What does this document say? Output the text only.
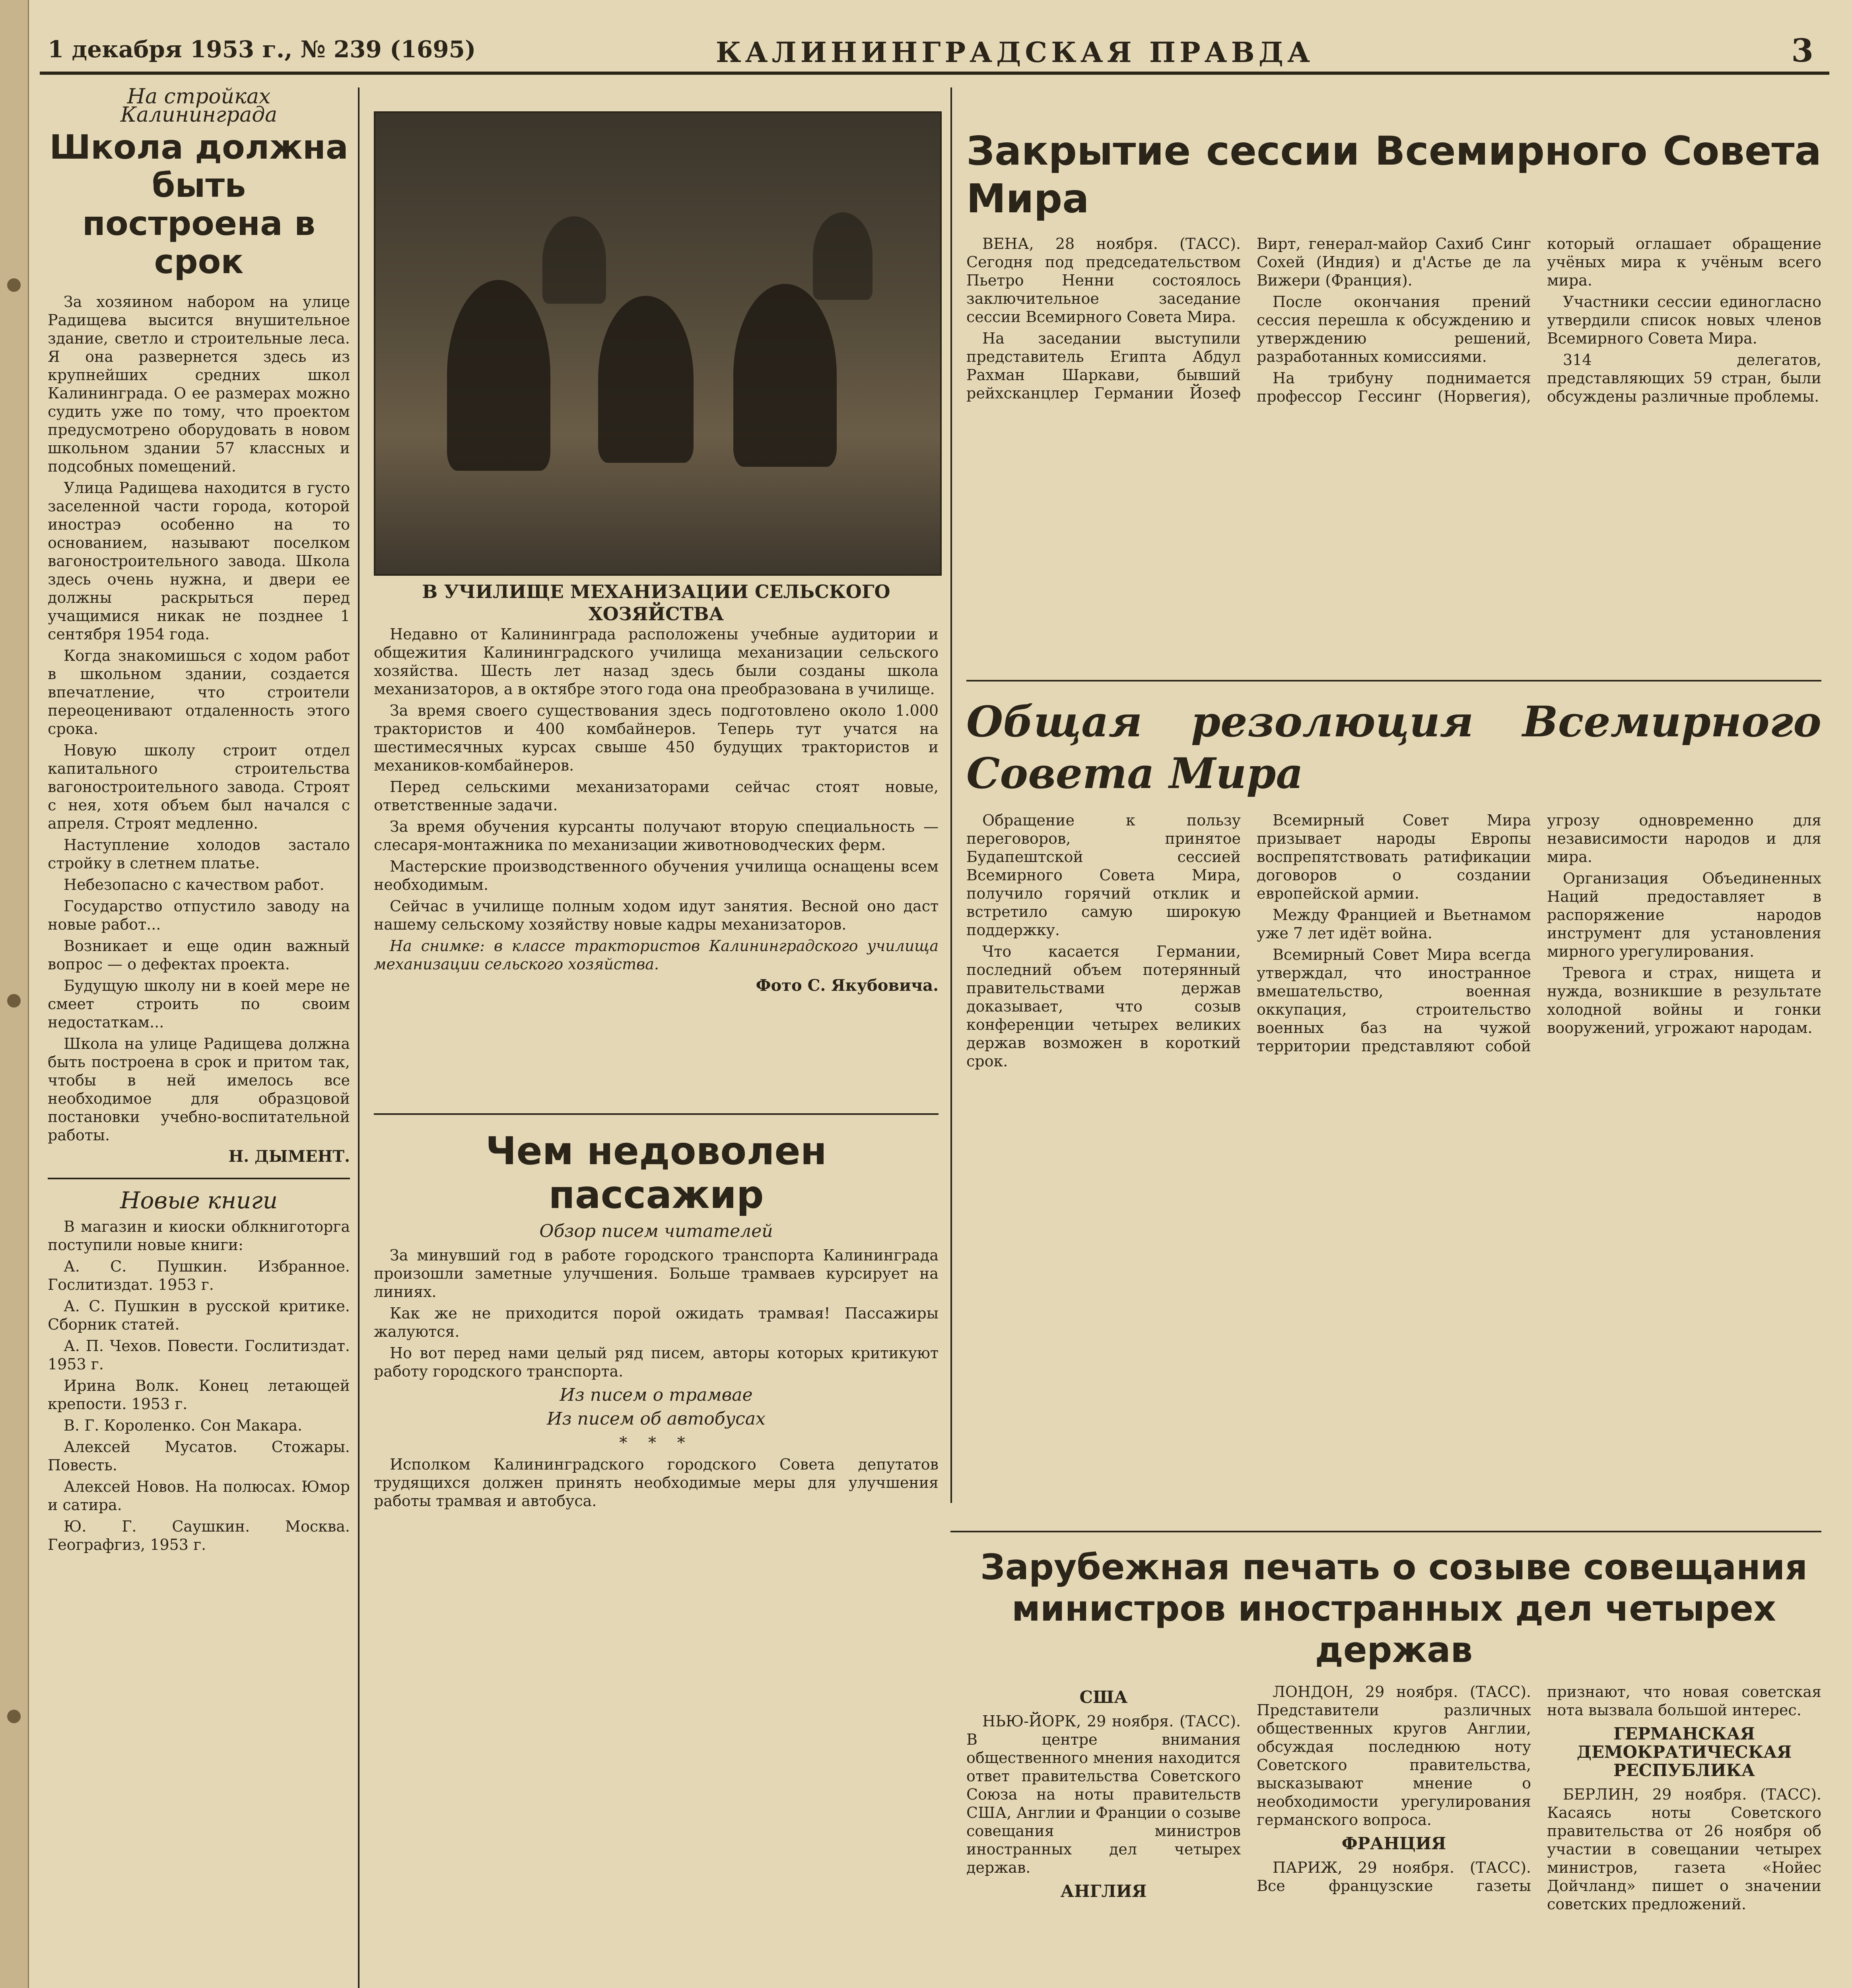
1 декабря 1953 г., № 239 (1695)	КАЛИНИНГРАДСКАЯ ПРАВДА	3
На стройках Калининграда
Школа должна быть построена в срок

За хозяином набором на улице Радищева высится внушительное здание, светло и строительные леса. Я она развернется здесь из крупнейших средних школ Калининграда. О ее размерах можно судить уже по тому, что проектом предусмотрено оборудовать в новом школьном здании 57 классных и подсобных помещений.

Улица Радищева находится в густо заселенной части города, которой иностраэ особенно на то основанием, называют поселком вагоностроительного завода. Школа здесь очень нужна, и двери ее должны раскрыться перед учащимися никак не позднее 1 сентября 1954 года.

Когда знакомишься с ходом работ в школьном здании, создается впечатление, что строители переоценивают отдаленность этого срока.

Новую школу строит отдел капитального строительства вагоностроительного завода. Строят с нея, хотя объем был начался с апреля. Строят медленно.

Наступление холодов застало стройку в слетнем платье.

Небезопасно с качеством работ.

Государство отпустило заводу на новые работ...

Возникает и еще один важный вопрос — о дефектах проекта.

Будущую школу ни в коей мере не смеет строить по своим недостаткам...

Школа на улице Радищева должна быть построена в срок и притом так, чтобы в ней имелось все необходимое для образцовой постановки учебно-воспитательной работы.

Н. ДЫМЕНТ.
Новые книги

В магазин и киоски облкниготорга поступили новые книги:

А. С. Пушкин. Избранное. Гослитиздат. 1953 г.

А. С. Пушкин в русской критике. Сборник статей.

А. П. Чехов. Повести. Гослитиздат. 1953 г.

Ирина Волк. Конец летающей крепости. 1953 г.

В. Г. Короленко. Сон Макара.

Алексей Мусатов. Стожары. Повесть.

Алексей Новов. На полюсах. Юмор и сатира.

Ю. Г. Саушкин. Москва. Географгиз, 1953 г.

В УЧИЛИЩЕ МЕХАНИЗАЦИИ СЕЛЬСКОГО ХОЗЯЙСТВА

Недавно от Калининграда расположены учебные аудитории и общежития Калининградского училища механизации сельского хозяйства. Шесть лет назад здесь были созданы школа механизаторов, а в октябре этого года она преобразована в училище.

За время своего существования здесь подготовлено около 1.000 трактористов и 400 комбайнеров. Теперь тут учатся на шестимесячных курсах свыше 450 будущих трактористов и механиков-комбайнеров.

Перед сельскими механизаторами сейчас стоят новые, ответственные задачи.

За время обучения курсанты получают вторую специальность — слесаря-монтажника по механизации животноводческих ферм.

Мастерские производственного обучения училища оснащены всем необходимым.

Сейчас в училище полным ходом идут занятия. Весной оно даст нашему сельскому хозяйству новые кадры механизаторов.

На снимке: в классе трактористов Калининградского училища механизации сельского хозяйства.

Фото С. Якубовича.
Чем недоволен пассажир
Обзор писем читателей

За минувший год в работе городского транспорта Калининграда произошли заметные улучшения. Больше трамваев курсирует на линиях.

Как же не приходится порой ожидать трамвая! Пассажиры жалуются.

Но вот перед нами целый ряд писем, авторы которых критикуют работу городского транспорта.

Из писем о трамвае
Из писем об автобусах
* * *

Исполком Калининградского городского Совета депутатов трудящихся должен принять необходимые меры для улучшения работы трамвая и автобуса.

Закрытие сессии Всемирного Совета Мира

ВЕНА, 28 ноября. (ТАСС). Сегодня под председательством Пьетро Ненни состоялось заключительное заседание сессии Всемирного Совета Мира.

На заседании выступили представитель Египта Абдул Рахман Шаркави, бывший рейхсканцлер Германии Йозеф Вирт, генерал-майор Сахиб Синг Сохей (Индия) и д'Астье де ла Вижери (Франция).

После окончания прений сессия перешла к обсуждению и утверждению решений, разработанных комиссиями.

На трибуну поднимается профессор Гессинг (Норвегия), который оглашает обращение учёных мира к учёным всего мира.

Участники сессии единогласно утвердили список новых членов Всемирного Совета Мира.

314 делегатов, представляющих 59 стран, были обсуждены различные проблемы.

Общая резолюция Всемирного Совета Мира

Обращение к пользу переговоров, принятое Будапештской сессией Всемирного Совета Мира, получило горячий отклик и встретило самую широкую поддержку.

Что касается Германии, последний объем потерянный правительствами держав доказывает, что созыв конференции четырех великих держав возможен в короткий срок.

Всемирный Совет Мира призывает народы Европы воспрепятствовать ратификации договоров о создании европейской армии.

Между Францией и Вьетнамом уже 7 лет идёт война.

Всемирный Совет Мира всегда утверждал, что иностранное вмешательство, военная оккупация, строительство военных баз на чужой территории представляют собой угрозу одновременно для независимости народов и для мира.

Организация Объединенных Наций предоставляет в распоряжение народов инструмент для установления мирного урегулирования.

Тревога и страх, нищета и нужда, возникшие в результате холодной войны и гонки вооружений, угрожают народам.

Зарубежная печать о созыве совещания
министров иностранных дел четырех держав
США

НЬЮ-ЙОРК, 29 ноября. (ТАСС). В центре внимания общественного мнения находится ответ правительства Советского Союза на ноты правительств США, Англии и Франции о созыве совещания министров иностранных дел четырех держав.

АНГЛИЯ

ЛОНДОН, 29 ноября. (ТАСС). Представители различных общественных кругов Англии, обсуждая последнюю ноту Советского правительства, высказывают мнение о необходимости урегулирования германского вопроса.

ФРАНЦИЯ

ПАРИЖ, 29 ноября. (ТАСС). Все французские газеты признают, что новая советская нота вызвала большой интерес.

ГЕРМАНСКАЯ ДЕМОКРАТИЧЕСКАЯ РЕСПУБЛИКА

БЕРЛИН, 29 ноября. (ТАСС). Касаясь ноты Советского правительства от 26 ноября об участии в совещании четырех министров, газета «Нойес Дойчланд» пишет о значении советских предложений.
